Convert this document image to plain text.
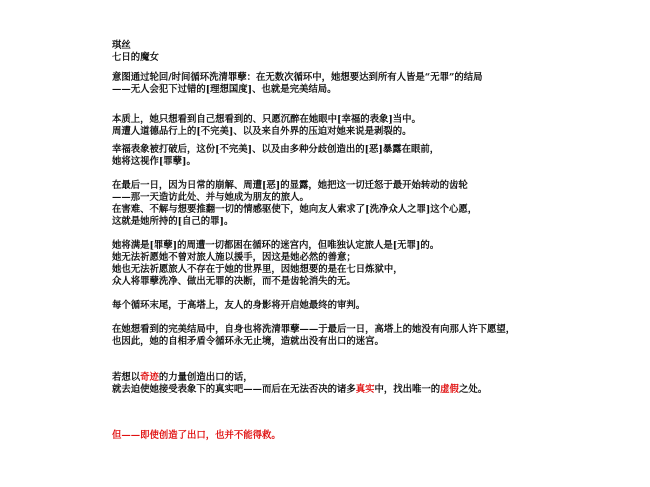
琪丝
七日的魔女
意图通过轮回/时间循环洗清罪孽：在无数次循环中，她想要达到所有人皆是“无罪”的结局
——无人会犯下过错的[理想国度]、也就是完美结局。
本质上，她只想看到自己想看到的、只愿沉醉在她眼中[幸福的表象]当中。
周遭人道德品行上的[不完美]、以及来自外界的压迫对她来说是剥裂的。
幸福表象被打破后，这份[不完美]、以及由多种分歧创造出的[恶]暴露在眼前，
她将这视作[罪孽]。
在最后一日，因为日常的崩解、周遭[恶]的显露，她把这一切迁怒于最开始转动的齿轮
——那一天造访此处、并与她成为朋友的旅人。
在害难、不解与想要推翻一切的情感驱使下，她向友人索求了[洗净众人之罪]这个心愿，
这就是她所持的[自己的罪]。
她将满是[罪孽]的周遭一切都困在循环的迷宫内，但唯独认定旅人是[无罪]的。
她无法祈愿她不曾对旅人施以援手，因这是她必然的善意；
她也无法祈愿旅人不存在于她的世界里，因她想要的是在七日炼狱中，
众人将罪孽洗净、做出无罪的决断，而不是齿轮消失的无。
每个循环末尾，于高塔上，友人的身影将开启她最终的审判。
在她想看到的完美结局中，自身也将洗清罪孽——于最后一日，高塔上的她没有向那人许下愿望，
也因此，她的自相矛盾令循环永无止境，造就出没有出口的迷宫。
若想以奇迹的力量创造出口的话，
就去迫使她接受表象下的真实吧——而后在无法否决的诸多真实中，找出唯一的虚假之处。
但——即使创造了出口，也并不能得救。
